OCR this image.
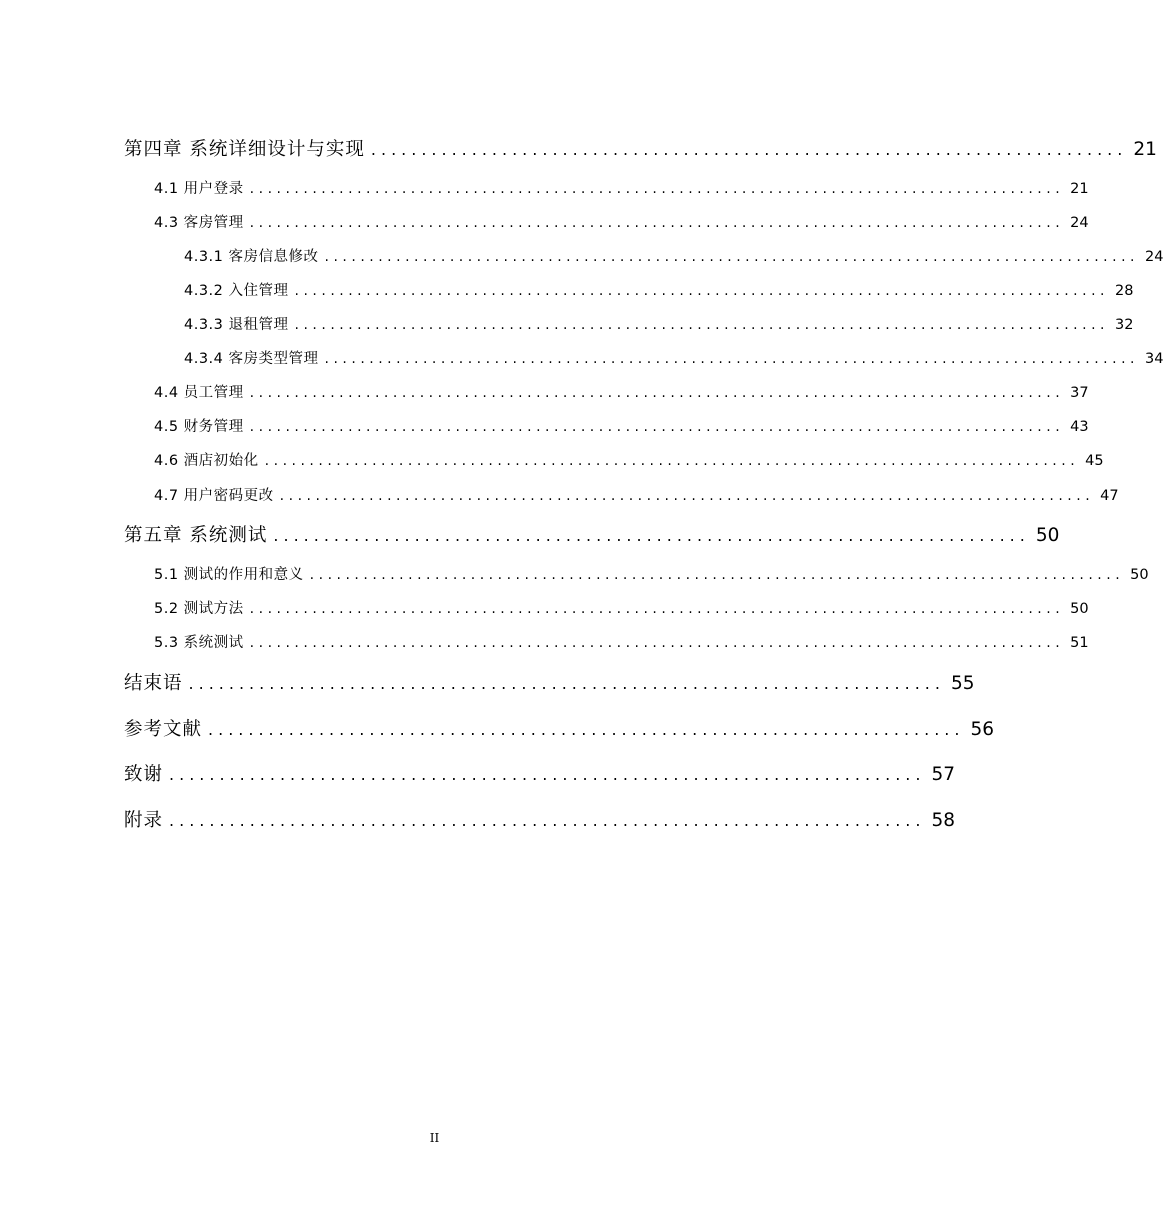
第四章 系统详细设计与实现 ........................................................................... 21
4.1 用户登录 ........................................................................................... 21
4.3 客房管理 ........................................................................................... 24
4.3.1 客房信息修改 ........................................................................................... 24
4.3.2 入住管理 ........................................................................................... 28
4.3.3 退租管理 ........................................................................................... 32
4.3.4 客房类型管理 ........................................................................................... 34
4.4 员工管理 ........................................................................................... 37
4.5 财务管理 ........................................................................................... 43
4.6 酒店初始化 ........................................................................................... 45
4.7 用户密码更改 ........................................................................................... 47
第五章 系统测试 ........................................................................... 50
5.1 测试的作用和意义 ........................................................................................... 50
5.2 测试方法 ........................................................................................... 50
5.3 系统测试 ........................................................................................... 51
结束语 ........................................................................... 55
参考文献 ........................................................................... 56
致谢 ........................................................................... 57
附录 ........................................................................... 58
II
